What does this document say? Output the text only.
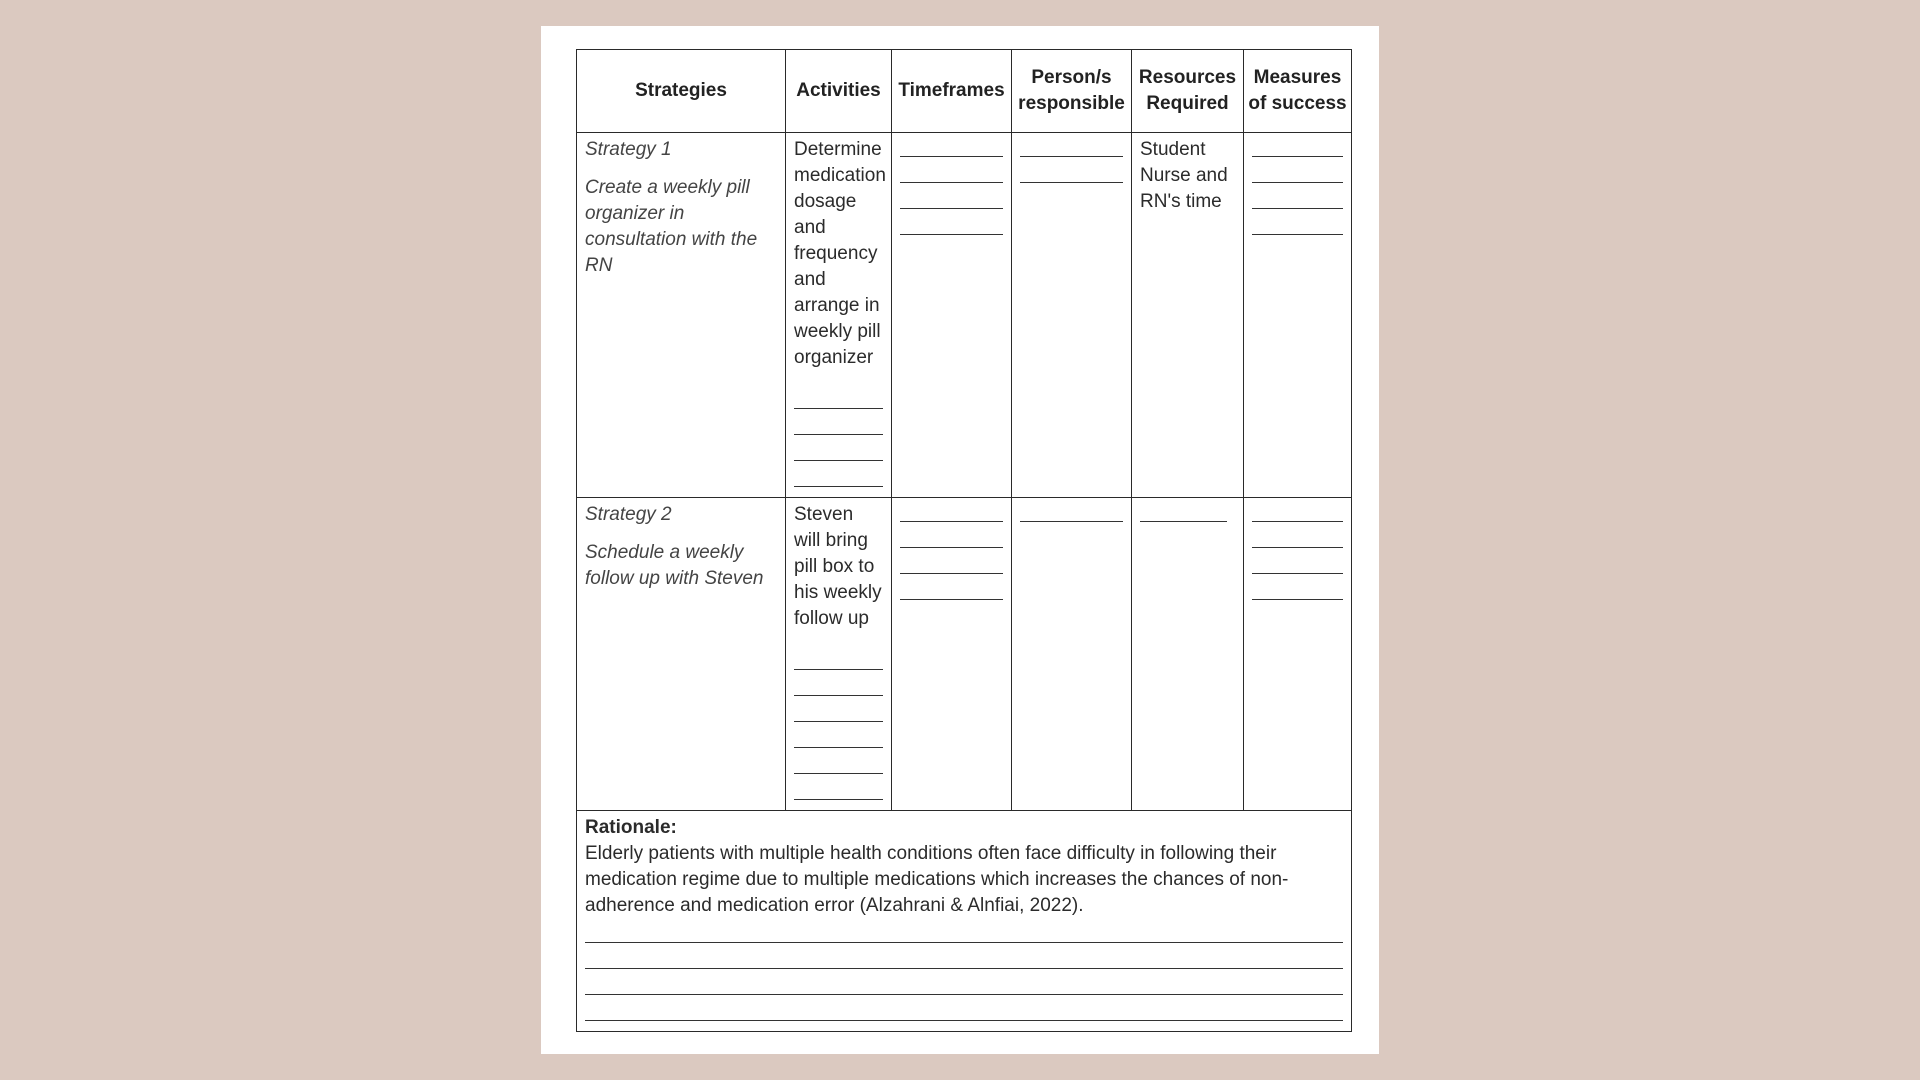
Strategies	Activities	Timeframes	Person/s responsible	Resources Required	Measures of success

Strategy 1
Create a weekly pill organizer in consultation with the RN	Determine medication dosage and frequency and arrange in weekly pill organizer			Student Nurse and RN's time	

Strategy 2
Schedule a weekly follow up with Steven	Steven will bring pill box to his weekly follow up				

Rationale:
Elderly patients with multiple health conditions often face difficulty in following their medication regime due to multiple medications which increases the chances of non-adherence and medication error (Alzahrani & Alnfiai, 2022).					
